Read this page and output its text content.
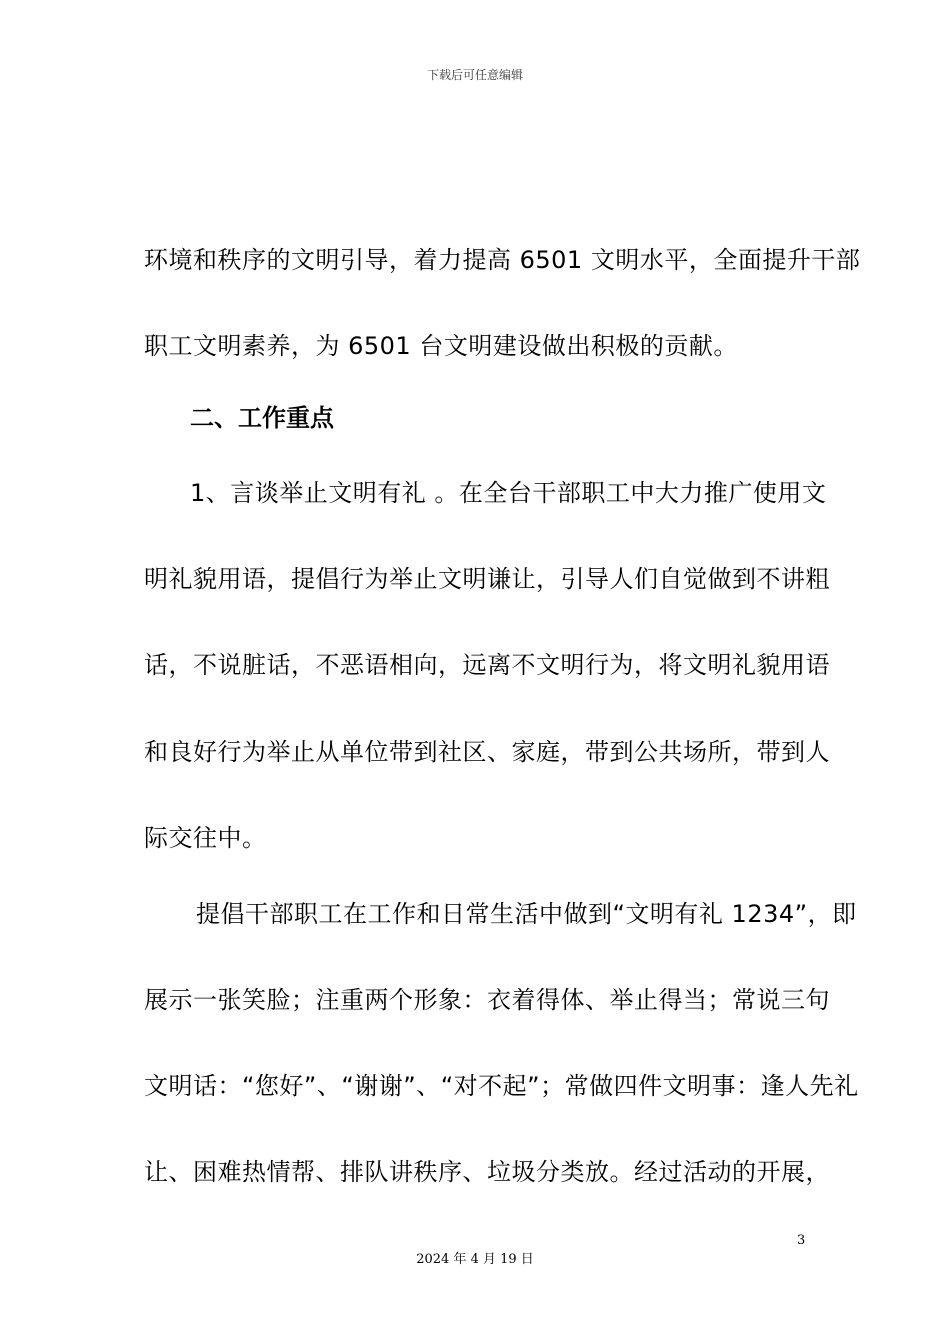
下载后可任意编辑
环境和秩序的文明引导，着力提高 6501 文明水平，全面提升干部
职工文明素养，为 6501 台文明建设做出积极的贡献。
二、工作重点
1、言谈举止文明有礼 。在全台干部职工中大力推广使用文
明礼貌用语，提倡行为举止文明谦让，引导人们自觉做到不讲粗
话，不说脏话，不恶语相向，远离不文明行为，将文明礼貌用语
和良好行为举止从单位带到社区、家庭，带到公共场所，带到人
际交往中。
提倡干部职工在工作和日常生活中做到“文明有礼 1234”，即
展示一张笑脸；注重两个形象：衣着得体、举止得当；常说三句
文明话：“您好”、“谢谢”、“对不起”；常做四件文明事：逢人先礼
让、困难热情帮、排队讲秩序、垃圾分类放。经过活动的开展，
3
2024 年 4 月 19 日
